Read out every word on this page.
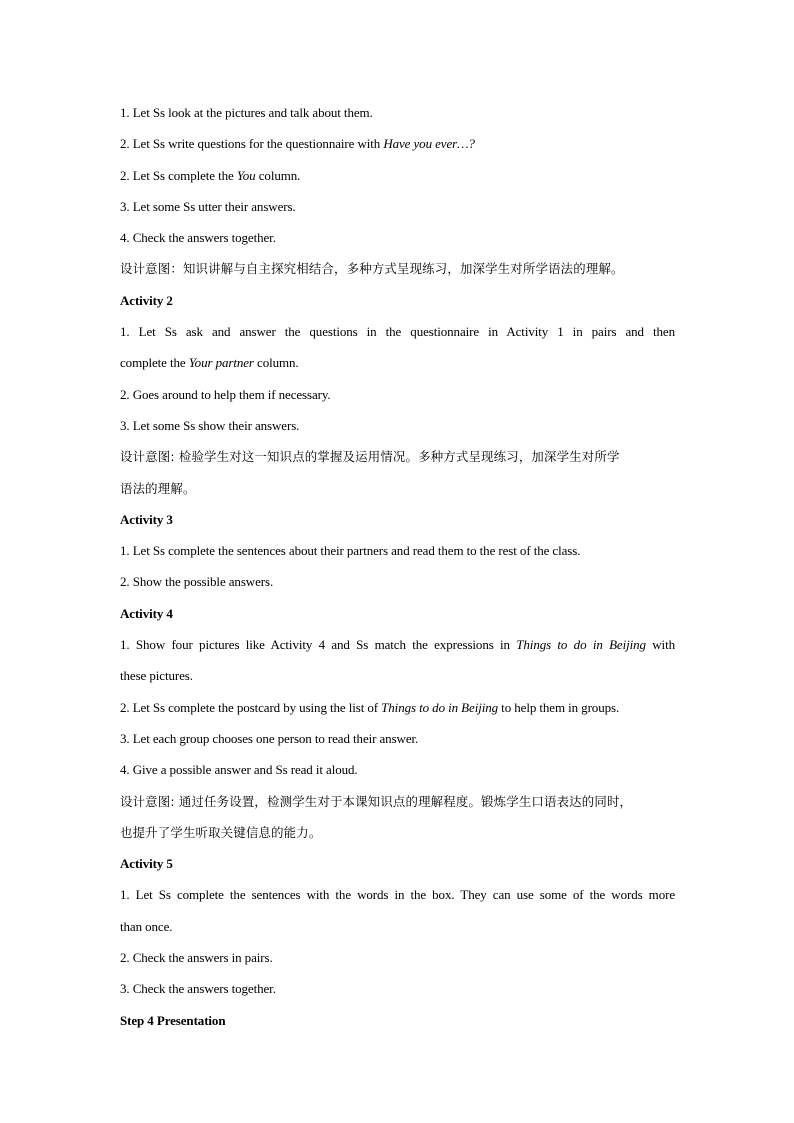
1. Let Ss look at the pictures and talk about them.
2. Let Ss write questions for the questionnaire with Have you ever…?
2. Let Ss complete the You column.
3. Let some Ss utter their answers.
4. Check the answers together.
设计意图：知识讲解与自主探究相结合，多种方式呈现练习，加深学生对所学语法的理解。
Activity 2
1. Let Ss ask and answer the questions in the questionnaire in Activity 1 in pairs and then
complete the Your partner column.
2. Goes around to help them if necessary.
3. Let some Ss show their answers.
设计意图: 检验学生对这一知识点的掌握及运用情况。多种方式呈现练习，加深学生对所学
语法的理解。
Activity 3
1. Let Ss complete the sentences about their partners and read them to the rest of the class.
2. Show the possible answers.
Activity 4
1. Show four pictures like Activity 4 and Ss match the expressions in Things to do in Beijing with
these pictures.
2. Let Ss complete the postcard by using the list of Things to do in Beijing to help them in groups.
3. Let each group chooses one person to read their answer.
4. Give a possible answer and Ss read it aloud.
设计意图: 通过任务设置，检测学生对于本课知识点的理解程度。锻炼学生口语表达的同时，
也提升了学生听取关键信息的能力。
Activity 5
1. Let Ss complete the sentences with the words in the box. They can use some of the words more
than once.
2. Check the answers in pairs.
3. Check the answers together.
Step 4 Presentation
